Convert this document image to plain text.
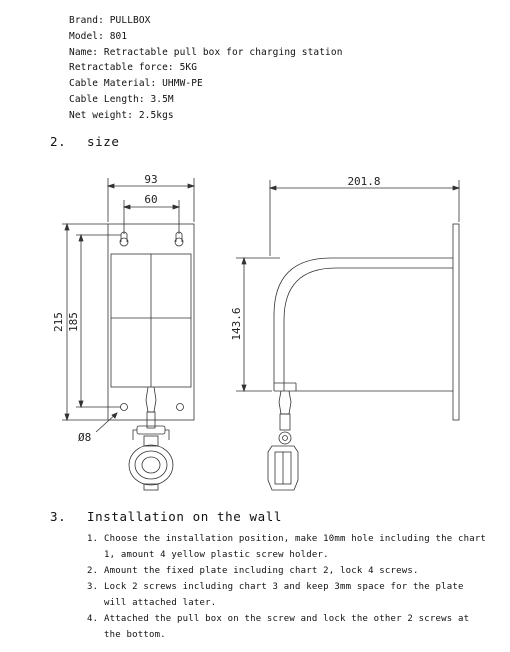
Brand: PULLBOX
Model: 801
Name: Retractable pull box for charging station
Retractable force: 5KG
Cable Material: UHMW-PE
Cable Length: 3.5M
Net weight: 2.5kgs
2. size
93
60
215 185
Ø8
201.8
143.6
3. Installation on the wall
1. Choose the installation position, make 10mm hole including the chart 1, amount 4 yellow plastic screw holder.
2. Amount the fixed plate including chart 2, lock 4 screws.
3. Lock 2 screws including chart 3 and keep 3mm space for the plate will attached later.
4. Attached the pull box on the screw and lock the other 2 screws at the bottom.
